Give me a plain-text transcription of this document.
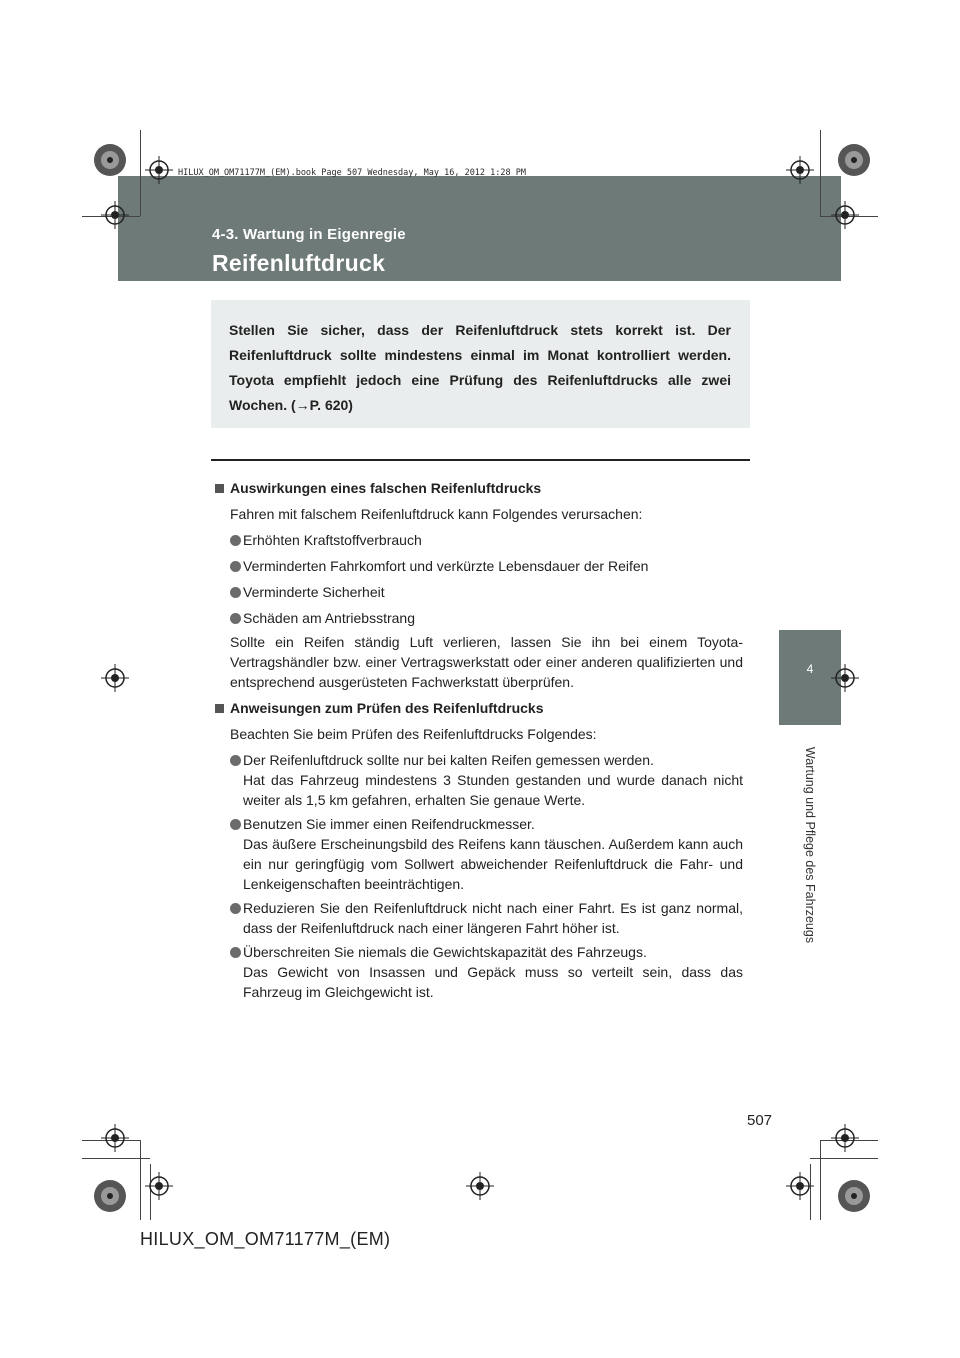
HILUX_OM_OM71177M_(EM).book Page 507 Wednesday, May 16, 2012 1:28 PM
4-3. Wartung in Eigenregie
Reifenluftdruck
4
Wartung und Pflege des Fahrzeugs
Stellen Sie sicher, dass der Reifenluftdruck stets korrekt ist. Der Reifenluftdruck sollte mindestens einmal im Monat kontrolliert werden. Toyota empfiehlt jedoch eine Prüfung des Reifenluftdrucks alle zwei Wochen. (→P. 620)
Auswirkungen eines falschen Reifenluftdrucks
Fahren mit falschem Reifenluftdruck kann Folgendes verursachen:
Erhöhten Kraftstoffverbrauch
Verminderten Fahrkomfort und verkürzte Lebensdauer der Reifen
Verminderte Sicherheit
Schäden am Antriebsstrang
Sollte ein Reifen ständig Luft verlieren, lassen Sie ihn bei einem Toyota-Vertragshändler bzw. einer Vertragswerkstatt oder einer anderen qualifizierten und entsprechend ausgerüsteten Fachwerkstatt überprüfen.
Anweisungen zum Prüfen des Reifenluftdrucks
Beachten Sie beim Prüfen des Reifenluftdrucks Folgendes:
Der Reifenluftdruck sollte nur bei kalten Reifen gemessen werden.
Hat das Fahrzeug mindestens 3 Stunden gestanden und wurde danach nicht weiter als 1,5 km gefahren, erhalten Sie genaue Werte.
Benutzen Sie immer einen Reifendruckmesser.
Das äußere Erscheinungsbild des Reifens kann täuschen. Außerdem kann auch ein nur geringfügig vom Sollwert abweichender Reifenluftdruck die Fahr- und Lenkeigenschaften beeinträchtigen.
Reduzieren Sie den Reifenluftdruck nicht nach einer Fahrt. Es ist ganz normal, dass der Reifenluftdruck nach einer längeren Fahrt höher ist.
Überschreiten Sie niemals die Gewichtskapazität des Fahrzeugs.
Das Gewicht von Insassen und Gepäck muss so verteilt sein, dass das Fahrzeug im Gleichgewicht ist.
507
HILUX_OM_OM71177M_(EM)
